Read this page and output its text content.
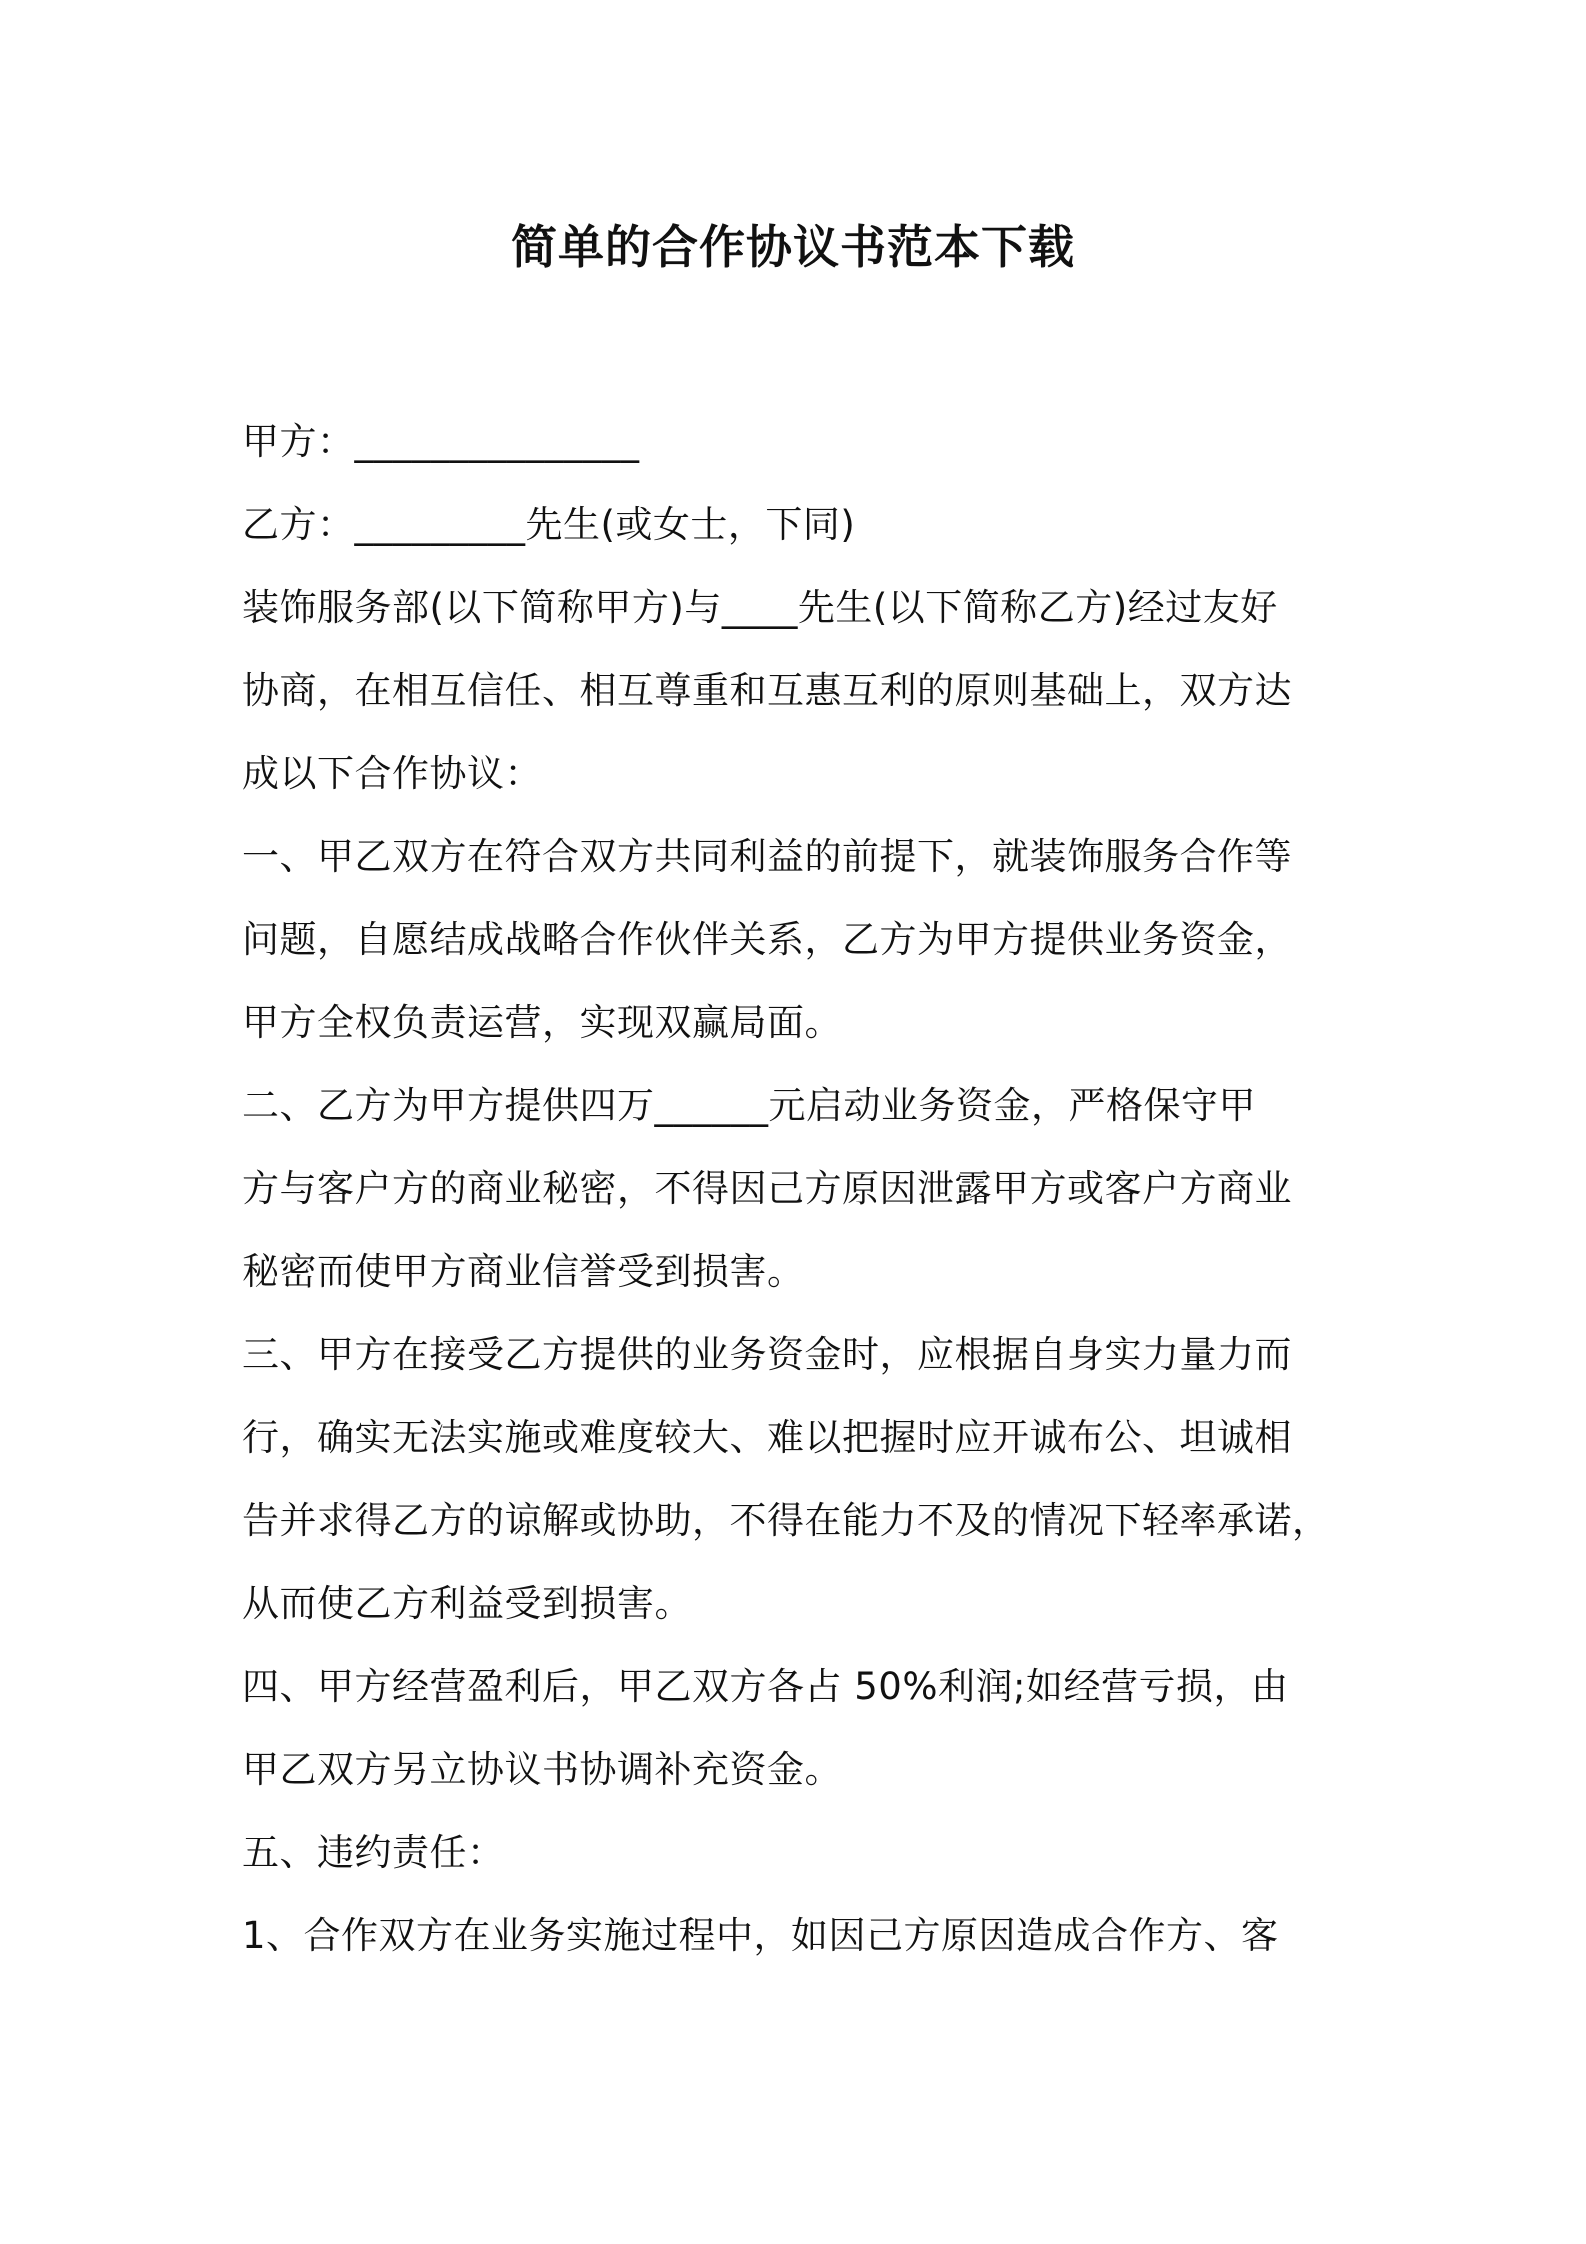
简单的合作协议书范本下载
甲方：_______________
乙方：_________先生(或女士，下同)
装饰服务部(以下简称甲方)与____先生(以下简称乙方)经过友好
协商，在相互信任、相互尊重和互惠互利的原则基础上，双方达
成以下合作协议：
一、甲乙双方在符合双方共同利益的前提下，就装饰服务合作等
问题，自愿结成战略合作伙伴关系，乙方为甲方提供业务资金，
甲方全权负责运营，实现双赢局面。
二、乙方为甲方提供四万______元启动业务资金，严格保守甲
方与客户方的商业秘密，不得因己方原因泄露甲方或客户方商业
秘密而使甲方商业信誉受到损害。
三、甲方在接受乙方提供的业务资金时，应根据自身实力量力而
行，确实无法实施或难度较大、难以把握时应开诚布公、坦诚相
告并求得乙方的谅解或协助，不得在能力不及的情况下轻率承诺，
从而使乙方利益受到损害。
四、甲方经营盈利后，甲乙双方各占 50%利润;如经营亏损，由
甲乙双方另立协议书协调补充资金。
五、违约责任：
1、合作双方在业务实施过程中，如因己方原因造成合作方、客
